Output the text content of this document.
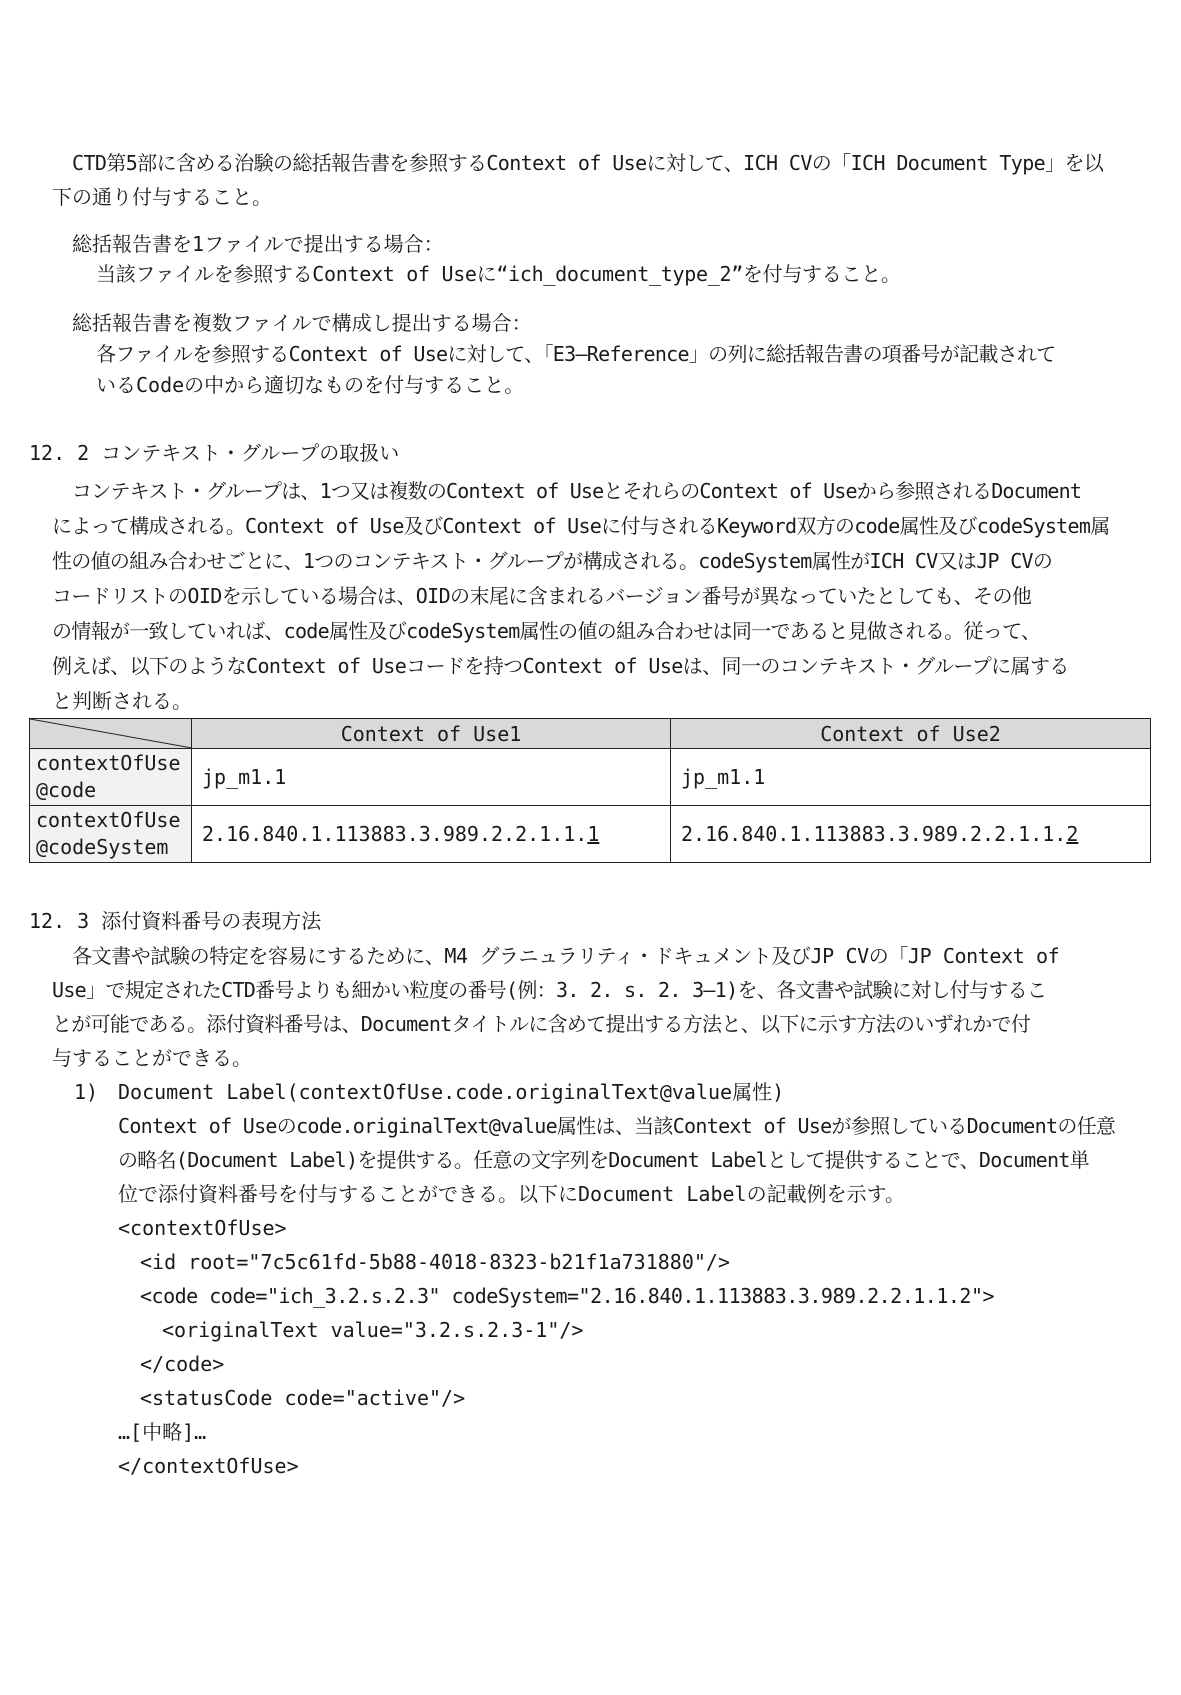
CTD第5部に含める治験の総括報告書を参照するContext of Useに対して、ICH CVの「ICH Document Type」を以
下の通り付与すること。
総括報告書を1ファイルで提出する場合：
当該ファイルを参照するContext of Useに“ich_document_type_2”を付与すること。
総括報告書を複数ファイルで構成し提出する場合：
各ファイルを参照するContext of Useに対して、「E3―Reference」の列に総括報告書の項番号が記載されて
いるCodeの中から適切なものを付与すること。
12. 2 コンテキスト・グループの取扱い
コンテキスト・グループは、1つ又は複数のContext of UseとそれらのContext of Useから参照されるDocument
によって構成される。Context of Use及びContext of Useに付与されるKeyword双方のcode属性及びcodeSystem属
性の値の組み合わせごとに、1つのコンテキスト・グループが構成される。codeSystem属性がICH CV又はJP CVの
コードリストのOIDを示している場合は、OIDの末尾に含まれるバージョン番号が異なっていたとしても、その他
の情報が一致していれば、code属性及びcodeSystem属性の値の組み合わせは同一であると見做される。従って、
例えば、以下のようなContext of Useコードを持つContext of Useは、同一のコンテキスト・グループに属する
と判断される。
	Context of Use1	Context of Use2

contextOfUse
@code	jp_m1.1	jp_m1.1

contextOfUse
@codeSystem	2.16.840.1.113883.3.989.2.2.1.1.1	2.16.840.1.113883.3.989.2.2.1.1.2
12. 3 添付資料番号の表現方法
各文書や試験の特定を容易にするために、M4 グラニュラリティ・ドキュメント及びJP CVの「JP Context of
Use」で規定されたCTD番号よりも細かい粒度の番号(例：3. 2. s. 2. 3―1)を、各文書や試験に対し付与するこ
とが可能である。添付資料番号は、Documentタイトルに含めて提出する方法と、以下に示す方法のいずれかで付
与することができる。
1) Document Label(contextOfUse.code.originalText@value属性)
Context of Useのcode.originalText@value属性は、当該Context of Useが参照しているDocumentの任意
の略名(Document Label)を提供する。任意の文字列をDocument Labelとして提供することで、Document単
位で添付資料番号を付与することができる。以下にDocument Labelの記載例を示す。
<contextOfUse>
<id root="7c5c61fd-5b88-4018-8323-b21f1a731880"/>
<code code="ich_3.2.s.2.3" codeSystem="2.16.840.1.113883.3.989.2.2.1.1.2">
<originalText value="3.2.s.2.3-1"/>
</code>
<statusCode code="active"/>
…[中略]…
</contextOfUse>
